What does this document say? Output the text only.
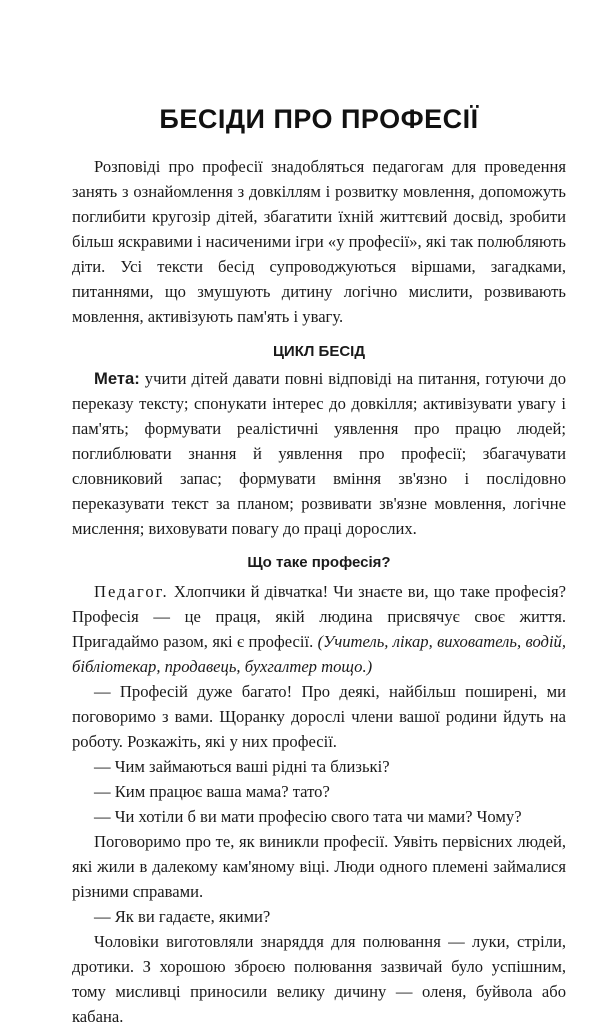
БЕСІДИ ПРО ПРОФЕСІЇ

Розповіді про професії знадобляться педагогам для проведення занять з ознайомлення з довкіллям і розвитку мовлення, допоможуть поглибити кругозір дітей, збагатити їхній життєвий досвід, зробити більш яскравими і насиченими ігри «у професії», які так полюбляють діти. Усі тексти бесід супроводжуються віршами, загадками, питаннями, що змушують дитину логічно мислити, розвивають мовлення, активізують пам'ять і увагу.

ЦИКЛ БЕСІД

Мета: учити дітей давати повні відповіді на питання, готуючи до переказу тексту; спонукати інтерес до довкілля; активізувати увагу і пам'ять; формувати реалістичні уявлення про працю людей; поглиблювати знання й уявлення про професії; збагачувати словниковий запас; формувати вміння зв'язно і послідовно переказувати текст за планом; розвивати зв'язне мовлення, логічне мислення; виховувати повагу до праці дорослих.

Що таке професія?

Педагог. Хлопчики й дівчатка! Чи знаєте ви, що таке професія? Професія — це праця, якій людина присвячує своє життя. Пригадаймо разом, які є професії. (Учитель, лікар, вихователь, водій, бібліотекар, продавець, бухгалтер тощо.)

— Професій дуже багато! Про деякі, найбільш поширені, ми поговоримо з вами. Щоранку дорослі члени вашої родини йдуть на роботу. Розкажіть, які у них професії.

— Чим займаються ваші рідні та близькі?

— Ким працює ваша мама? тато?

— Чи хотіли б ви мати професію свого тата чи мами? Чому?

Поговоримо про те, як виникли професії. Уявіть первісних людей, які жили в далекому кам'яному віці. Люди одного племені займалися різними справами.

— Як ви гадаєте, якими?

Чоловіки виготовляли знаряддя для полювання — луки, стріли, дротики. З хорошою зброєю полювання зазвичай було успішним, тому мисливці приносили велику дичину — оленя, буйвола або кабана.
